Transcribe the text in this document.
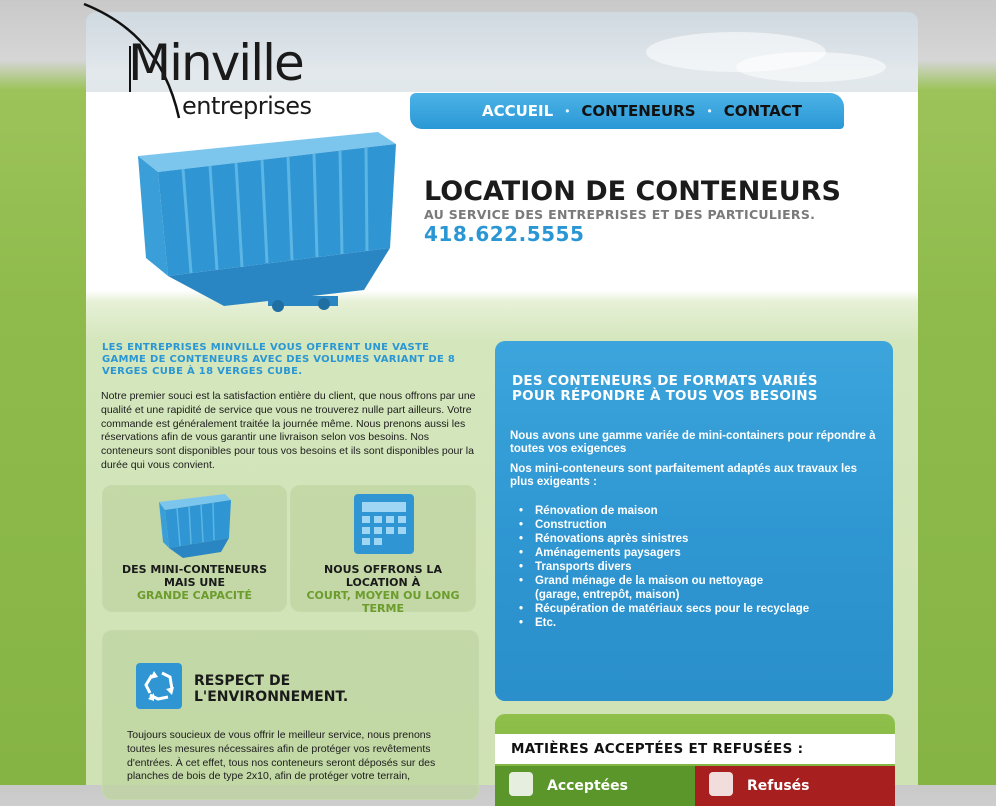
Minville
entreprises	ACCUEIL	• CONTENEURS	• CONTACT
LOCATION DE CONTENEURS
AU SERVICE DES ENTREPRISES ET DES PARTICULIERS.
418.622.5555
LES ENTREPRISES MINVILLE VOUS OFFRENT UNE VASTE GAMME DE CONTENEURS AVEC DES VOLUMES VARIANT DE 8 VERGES CUBE À 18 VERGES CUBE.
Notre premier souci est la satisfaction entière du client, que nous offrons par une qualité et une rapidité de service que vous ne trouverez nulle part ailleurs. Votre commande est généralement traitée la journée même. Nous prenons aussi les réservations afin de vous garantir une livraison selon vos besoins. Nos conteneurs sont disponibles pour tous vos besoins et ils sont disponibles pour la durée qui vous convient.
DES MINI-CONTENEURS MAIS UNE
GRANDE CAPACITÉ
NOUS OFFRONS LA LOCATION À
COURT, MOYEN OU LONG TERME
RESPECT DE
L'ENVIRONNEMENT.
Toujours soucieux de vous offrir le meilleur service, nous prenons toutes les mesures nécessaires afin de protéger vos revêtements d'entrées. À cet effet, tous nos conteneurs seront déposés sur des planches de bois de type 2x10, afin de protéger votre terrain,
DES CONTENEURS DE FORMATS VARIÉS
POUR RÉPONDRE À TOUS VOS BESOINS
Nous avons une gamme variée de mini-containers pour répondre à toutes vos exigences
Nos mini-conteneurs sont parfaitement adaptés aux travaux les plus exigeants :
• Rénovation de maison
• Construction
• Rénovations après sinistres
• Aménagements paysagers
• Transports divers
• Grand ménage de la maison ou nettoyage (garage, entrepôt, maison)
• Récupération de matériaux secs pour le recyclage
• Etc.
MATIÈRES ACCEPTÉES ET REFUSÉES :
Acceptées	Refusés
